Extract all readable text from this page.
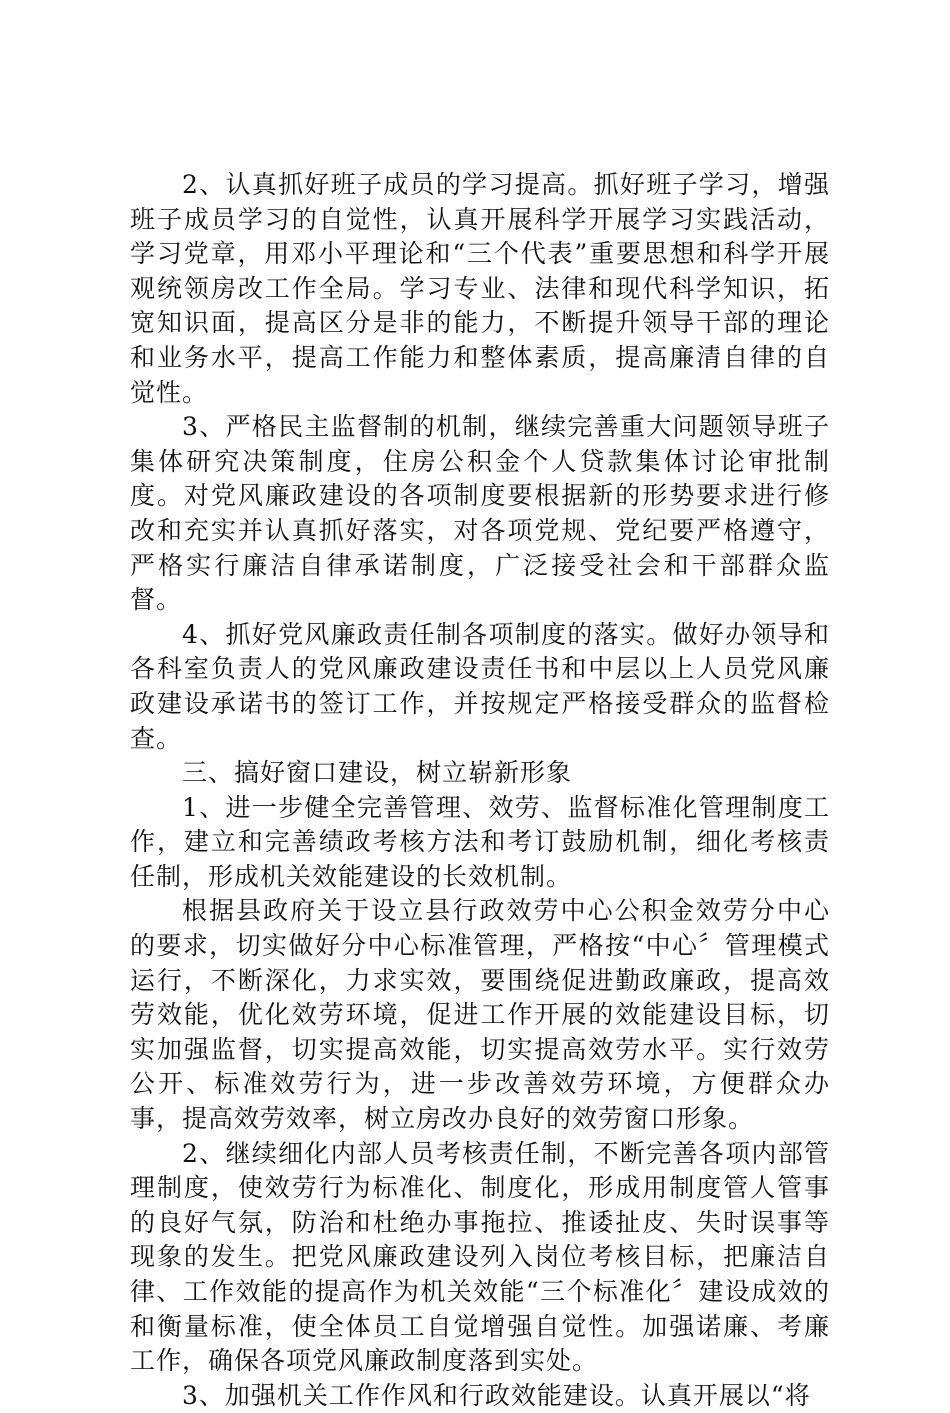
2、认真抓好班子成员的学习提高。抓好班子学习，增强班子成员学习的自觉性，认真开展科学开展学习实践活动，学习党章，用邓小平理论和“三个代表”重要思想和科学开展观统领房改工作全局。学习专业、法律和现代科学知识，拓宽知识面，提高区分是非的能力，不断提升领导干部的理论和业务水平，提高工作能力和整体素质，提高廉清自律的自觉性。

3、严格民主监督制的机制，继续完善重大问题领导班子集体研究决策制度，住房公积金个人贷款集体讨论审批制度。对党风廉政建设的各项制度要根据新的形势要求进行修改和充实并认真抓好落实，对各项党规、党纪要严格遵守，严格实行廉洁自律承诺制度，广泛接受社会和干部群众监督。

4、抓好党风廉政责任制各项制度的落实。做好办领导和各科室负责人的党风廉政建设责任书和中层以上人员党风廉政建设承诺书的签订工作，并按规定严格接受群众的监督检查。

三、搞好窗口建设，树立崭新形象

1、进一步健全完善管理、效劳、监督标准化管理制度工作，建立和完善绩政考核方法和考订鼓励机制，细化考核责任制，形成机关效能建设的长效机制。

根据县政府关于设立县行政效劳中心公积金效劳分中心的要求，切实做好分中心标准管理，严格按“中心〞管理模式运行，不断深化，力求实效，要围绕促进勤政廉政，提高效劳效能，优化效劳环境，促进工作开展的效能建设目标，切实加强监督，切实提高效能，切实提高效劳水平。实行效劳公开、标准效劳行为，进一步改善效劳环境，方便群众办事，提高效劳效率，树立房改办良好的效劳窗口形象。

2、继续细化内部人员考核责任制，不断完善各项内部管理制度，使效劳行为标准化、制度化，形成用制度管人管事的良好气氛，防治和杜绝办事拖拉、推诿扯皮、失时误事等现象的发生。把党风廉政建设列入岗位考核目标，把廉洁自律、工作效能的提高作为机关效能“三个标准化〞建设成效的和衡量标准，使全体员工自觉增强自觉性。加强诺廉、考廉工作，确保各项党风廉政制度落到实处。

3、加强机关工作作风和行政效能建设。认真开展以“将
